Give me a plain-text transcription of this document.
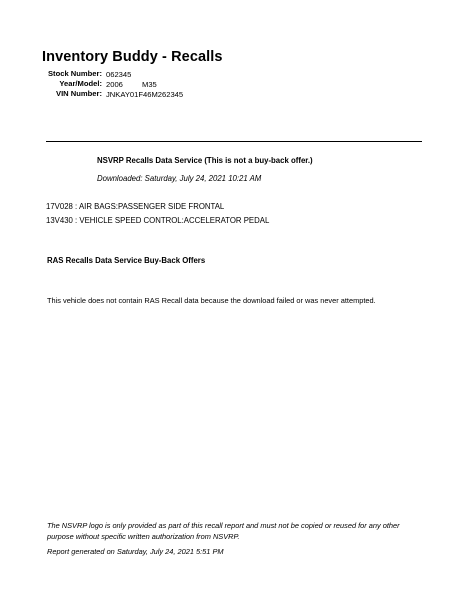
Inventory Buddy - Recalls
Stock Number: 062345
Year/Model: 2006	M35
VIN Number: JNKAY01F46M262345
NSVRP Recalls Data Service (This is not a buy-back offer.)
Downloaded: Saturday, July 24, 2021 10:21 AM
17V028 : AIR BAGS:PASSENGER SIDE FRONTAL
13V430 : VEHICLE SPEED CONTROL:ACCELERATOR PEDAL
RAS Recalls Data Service Buy-Back Offers
This vehicle does not contain RAS Recall data because the download failed or was never attempted.
The NSVRP logo is only provided as part of this recall report and must not be copied or reused for any other
purpose without specific written authorization from NSVRP.
Report generated on Saturday, July 24, 2021 5:51 PM
